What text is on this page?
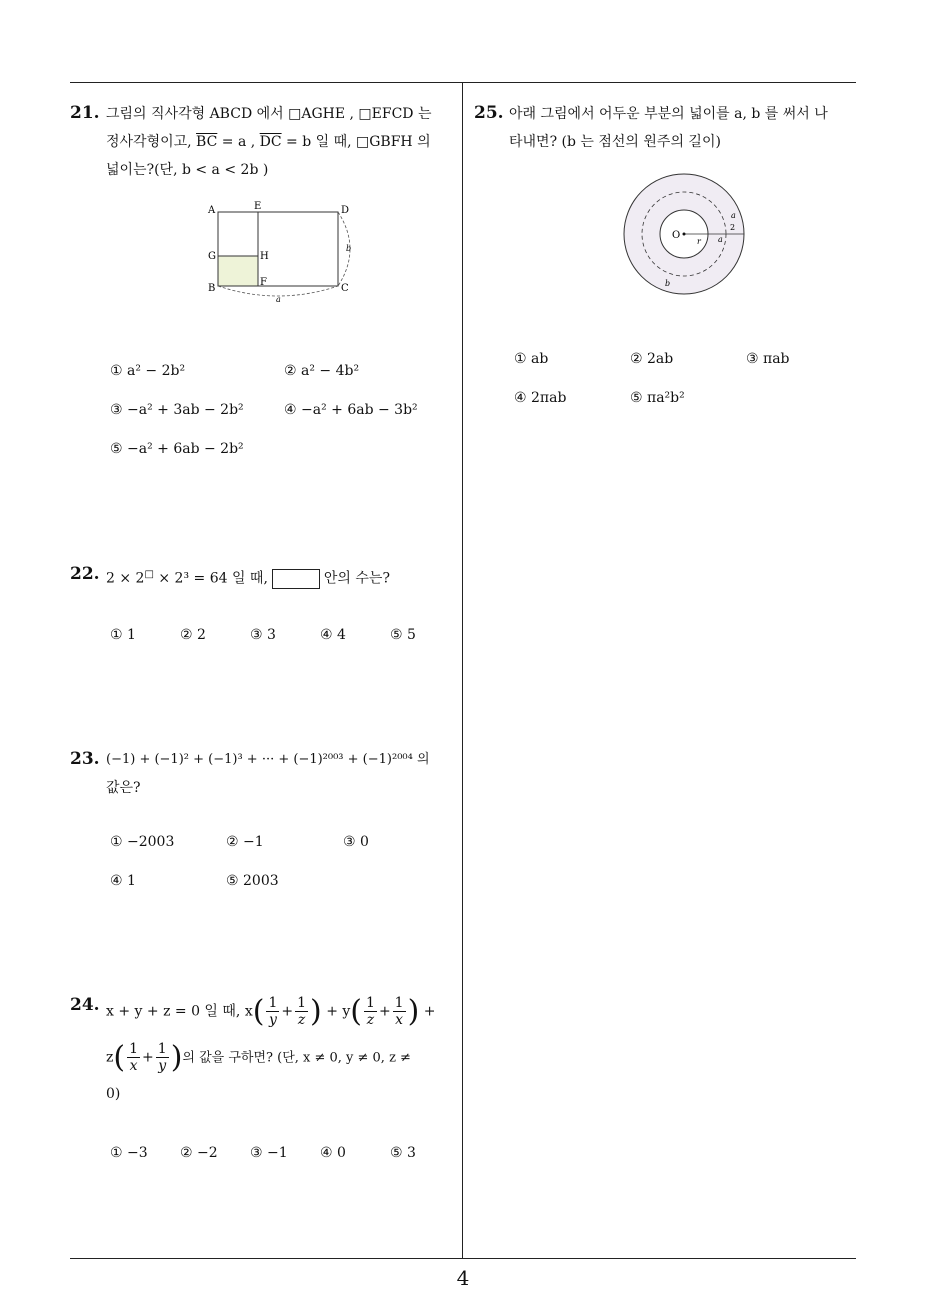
4
21. 그림의 직사각형 ABCD 에서 □AGHE , □EFCD 는
정사각형이고, $\overline{BC} = a$ , $\overline{DC} = b$ 일 때, □GBFH 의
넓이는?(단, b < a < 2b )
A	E	D
G	H
B
F
C
a
b
① a² − 2b²	② a² − 4b²
③ −a² + 3ab − 2b²	④ −a² + 6ab − 3b²
⑤ −a² + 6ab − 2b²
22. 2 × 2□ × 2³ = 64 일 때,	안의 수는?
① 1	② 2	③ 3	④ 4	⑤ 5
23. (−1) + (−1)² + (−1)³ + ··· + (−1)²⁰⁰³ + (−1)²⁰⁰⁴ 의
값은?
① −2003	② −1	③ 0
④ 1	⑤ 2003
24. x + y + z = 0 일 때, $x( \frac{1}{y} + \frac{1}{z}$ ) + $y( \frac{1}{z} + \frac{1}{x}$ ) +
$z( \frac{1}{x} + \frac{1}{y}$ )의 값을 구하면? (단, x ≠ 0, y ≠ 0, z ≠
0)
① −3 ② −2 ③ −1 ④ 0	⑤ 3
25. 아래 그림에서 어두운 부분의 넓이를 a, b 를 써서 나
타내면? (b 는 점선의 원주의 길이)
O
r
a
2
a
b
① ab	② 2ab	③ πab
④ 2πab	⑤ πa²b²
